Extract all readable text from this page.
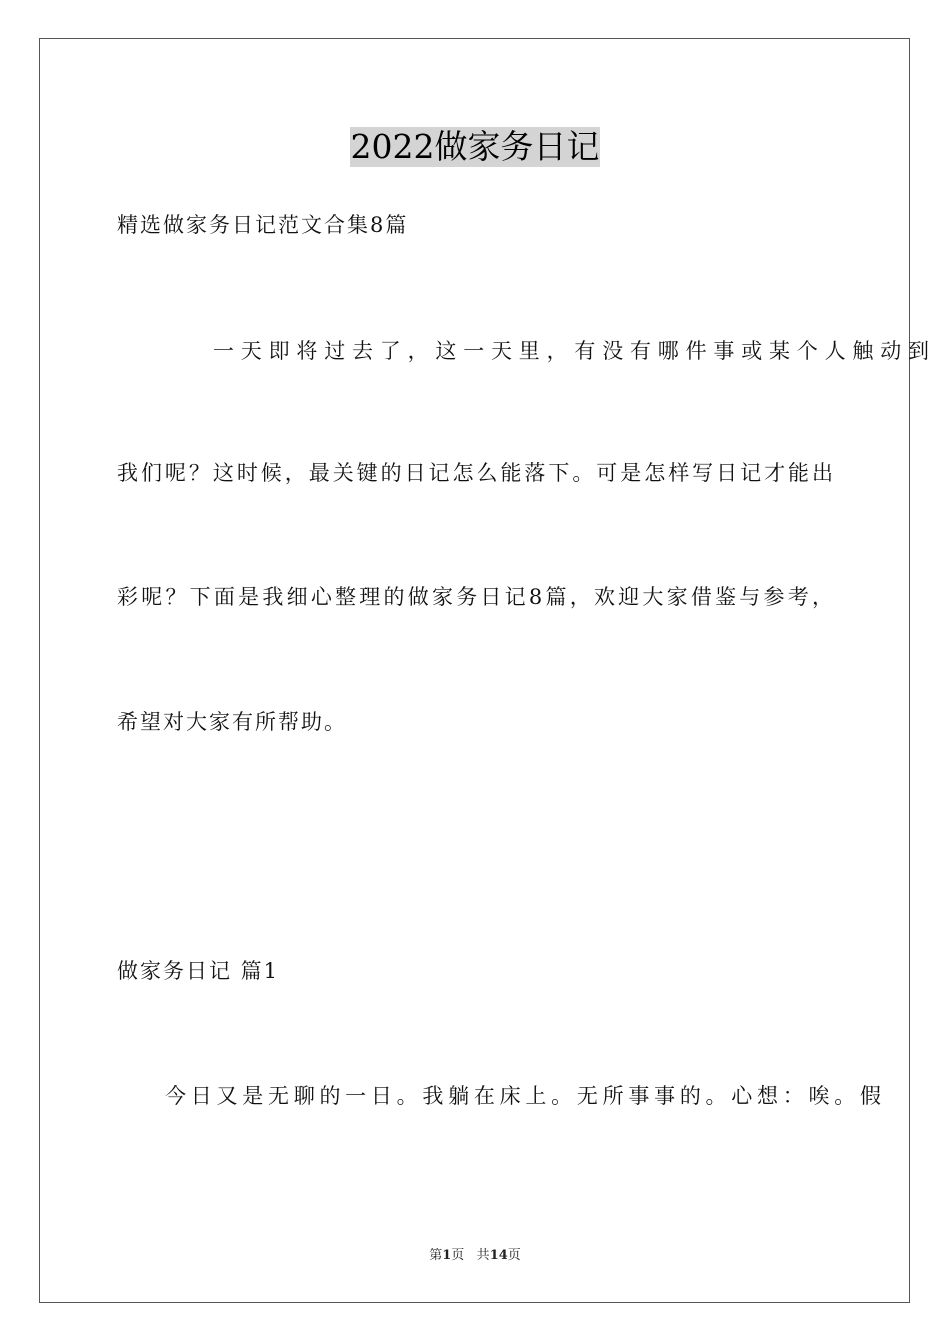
2022做家务日记
精选做家务日记范文合集8篇
一天即将过去了，这一天里，有没有哪件事或某个人触动到
我们呢？这时候，最关键的日记怎么能落下。可是怎样写日记才能出
彩呢？下面是我细心整理的做家务日记8篇，欢迎大家借鉴与参考，
希望对大家有所帮助。
做家务日记 篇1
今日又是无聊的一日。我躺在床上。无所事事的。心想：唉。假
第1页 共14页
